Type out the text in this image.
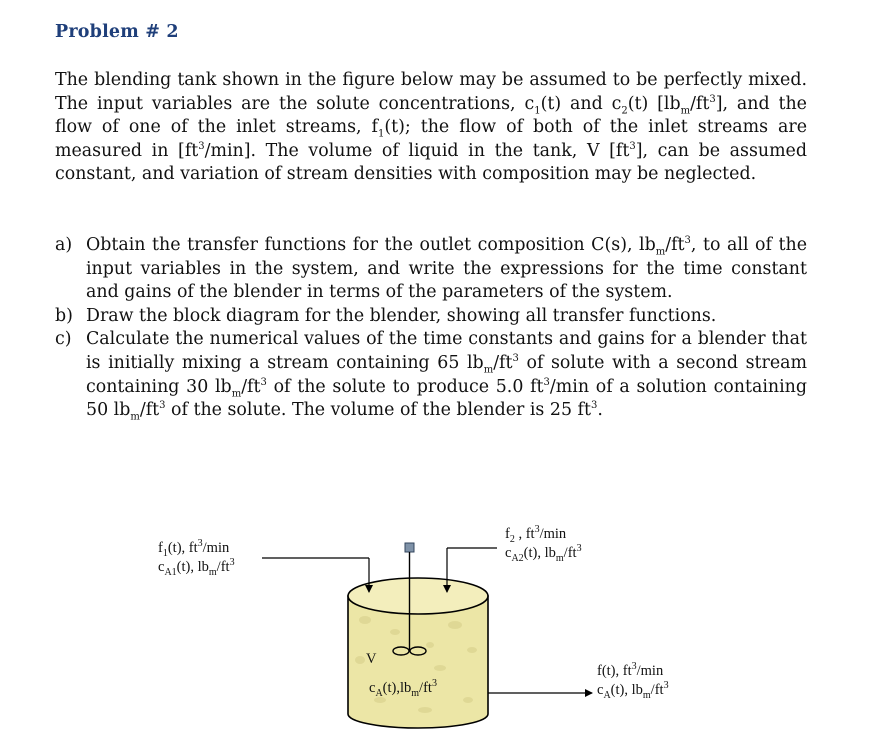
Problem # 2
The blending tank shown in the figure below may be assumed to be perfectly mixed. The input variables are the solute concentrations, $c_1(t)$ and $c_2(t)$ $[lb_m/ft^3]$, and the flow of one of the inlet streams, $f_1(t)$; the flow of both of the inlet streams are measured in $[ft^3/\min]$. The volume of liquid in the tank, V $[ft^3]$, can be assumed constant, and variation of stream densities with composition may be neglected.
a) Obtain the transfer functions for the outlet composition C(s), $lb_m/ft^3$, to all of the input variables in the system, and write the expressions for the time constant and gains of the blender in terms of the parameters of the system.
b) Draw the block diagram for the blender, showing all transfer functions.
c) Calculate the numerical values of the time constants and gains for a blender that is initially mixing a stream containing 65 $lb_m/ft^3$ of solute with a second stream containing 30 $lb_m/ft^3$ of the solute to produce 5.0 $ft^3/\min$ of a solution containing 50 $lb_m/ft^3$ of the solute. The volume of the blender is 25 $ft^3$.
$f_1(t)$, $ft^3/\min$
$c_{A1}(t)$, $lb_m/ft^3$
$f_2$ , $ft^3/\min$
$c_{A2}(t)$, $lb_m/ft^3$
V
$c_A(t),lb_m/ft^3$
f(t), $ft^3/\min$
$c_A(t)$, $lb_m/ft^3$
